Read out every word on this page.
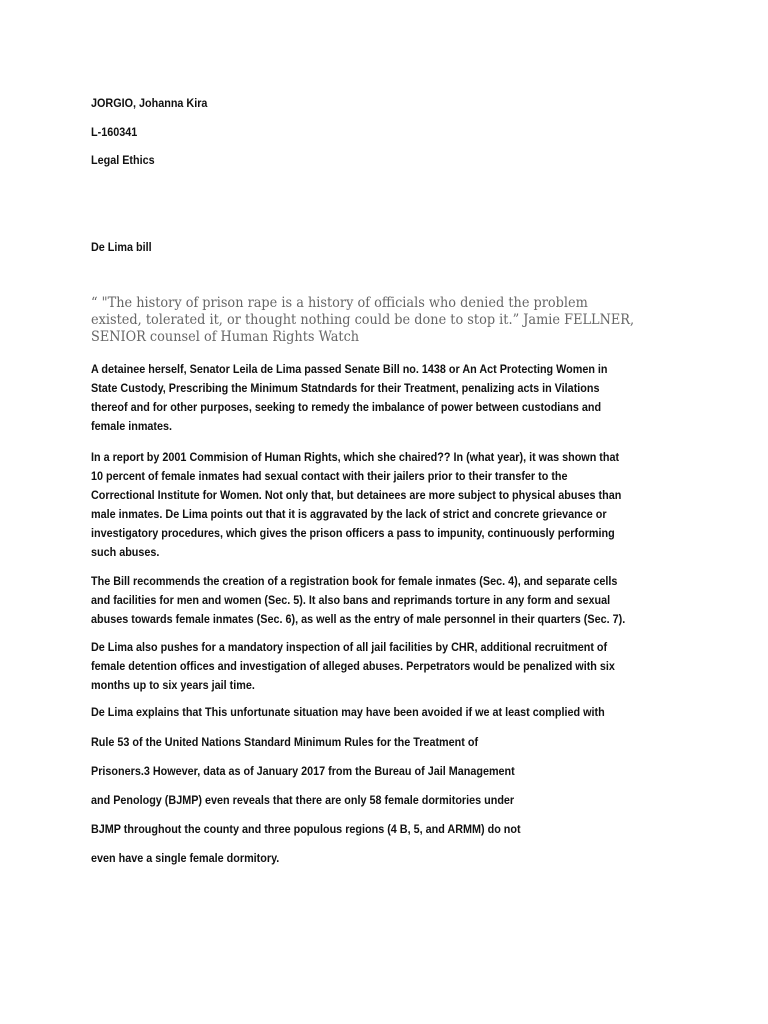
JORGIO, Johanna Kira
L-160341
Legal Ethics
De Lima bill
“ "The history of prison rape is a history of officials who denied the problem
existed, tolerated it, or thought nothing could be done to stop it.” Jamie FELLNER,
SENIOR counsel of Human Rights Watch
A detainee herself, Senator Leila de Lima passed Senate Bill no. 1438 or An Act Protecting Women in
State Custody, Prescribing the Minimum Statndards for their Treatment, penalizing acts in Vilations
thereof and for other purposes, seeking to remedy the imbalance of power between custodians and
female inmates.
In a report by 2001 Commision of Human Rights, which she chaired?? In (what year), it was shown that
10 percent of female inmates had sexual contact with their jailers prior to their transfer to the
Correctional Institute for Women. Not only that, but detainees are more subject to physical abuses than
male inmates. De Lima points out that it is aggravated by the lack of strict and concrete grievance or
investigatory procedures, which gives the prison officers a pass to impunity, continuously performing
such abuses.
The Bill recommends the creation of a registration book for female inmates (Sec. 4), and separate cells
and facilities for men and women (Sec. 5). It also bans and reprimands torture in any form and sexual
abuses towards female inmates (Sec. 6), as well as the entry of male personnel in their quarters (Sec. 7).
De Lima also pushes for a mandatory inspection of all jail facilities by CHR, additional recruitment of
female detention offices and investigation of alleged abuses. Perpetrators would be penalized with six
months up to six years jail time.
De Lima explains that This unfortunate situation may have been avoided if we at least complied with
Rule 53 of the United Nations Standard Minimum Rules for the Treatment of
Prisoners.3 However, data as of January 2017 from the Bureau of Jail Management
and Penology (BJMP) even reveals that there are only 58 female dormitories under
BJMP throughout the county and three populous regions (4 B, 5, and ARMM) do not
even have a single female dormitory.
